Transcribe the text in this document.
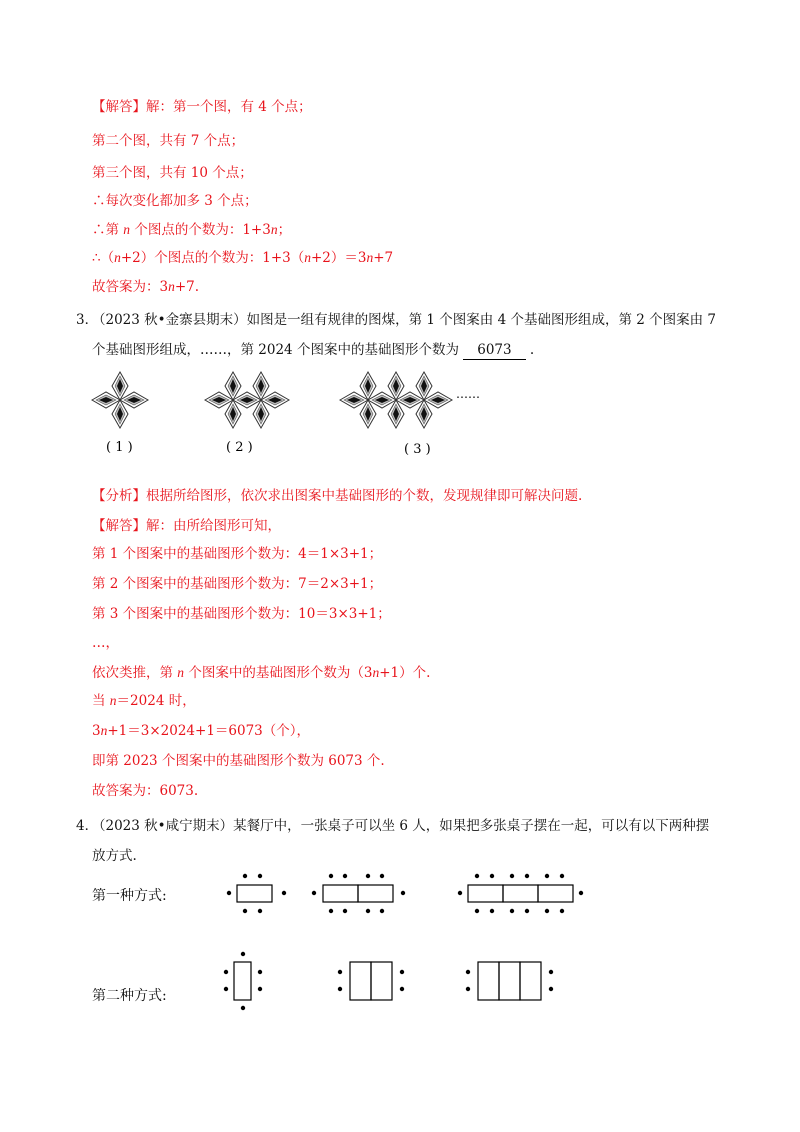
【解答】解：第一个图，有 4 个点；
第二个图，共有 7 个点；
第三个图，共有 10 个点；
∴每次变化都加多 3 个点；
∴第 n 个图点的个数为：1+3n；
∴（n+2）个图点的个数为：1+3（n+2）＝3n+7
故答案为：3n+7.
3．
（2023 秋•金寨县期末）如图是一组有规律的图煤，第 1 个图案由 4 个基础图形组成，第 2 个图案由 7
个基础图形组成，……，第 2024 个图案中的基础图形个数为 6073 .
( 1 )	( 2 )	( 3 )
……
【分析】根据所给图形，依次求出图案中基础图形的个数，发现规律即可解决问题.
【解答】解：由所给图形可知，
第 1 个图案中的基础图形个数为：4＝1×3+1；
第 2 个图案中的基础图形个数为：7＝2×3+1；
第 3 个图案中的基础图形个数为：10＝3×3+1；
…，
依次类推，第 n 个图案中的基础图形个数为（3n+1）个.
当 n＝2024 时，
3n+1＝3×2024+1＝6073（个），
即第 2023 个图案中的基础图形个数为 6073 个.
故答案为：6073.
4．
（2023 秋•咸宁期末）某餐厅中，一张桌子可以坐 6 人，如果把多张桌子摆在一起，可以有以下两种摆
放方式.
第一种方式:
第二种方式:
